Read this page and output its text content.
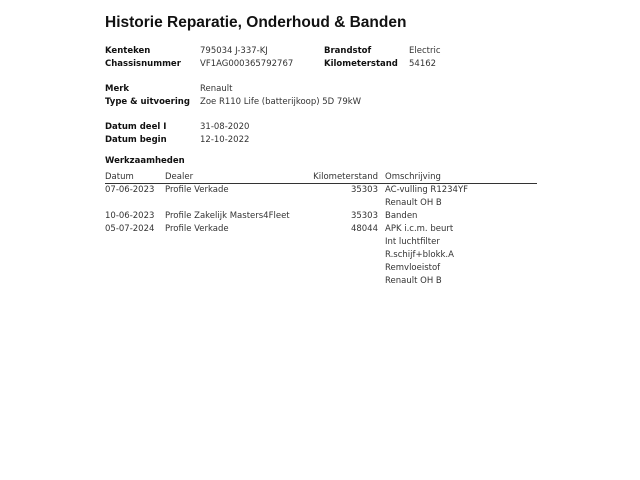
Historie Reparatie, Onderhoud & Banden
Kenteken	795034 J-337-KJ
Chassisnummer VF1AG000365792767
Brandstof	Electric
Kilometerstand 54162
Merk	Renault
Type & uitvoering Zoe R110 Life (batterijkoop) 5D 79kW
Datum deel I	31-08-2020
Datum begin	12-10-2022
Werkzaamheden
Datum	Dealer	Kilometerstand Omschrijving
07-06-2023 Profile Verkade	35303 AC-vulling R1234YF
Renault OH B
10-06-2023 Profile Zakelijk Masters4Fleet	35303 Banden
05-07-2024 Profile Verkade	48044 APK i.c.m. beurt
Int luchtfilter
R.schijf+blokk.A
Remvloeistof
Renault OH B
